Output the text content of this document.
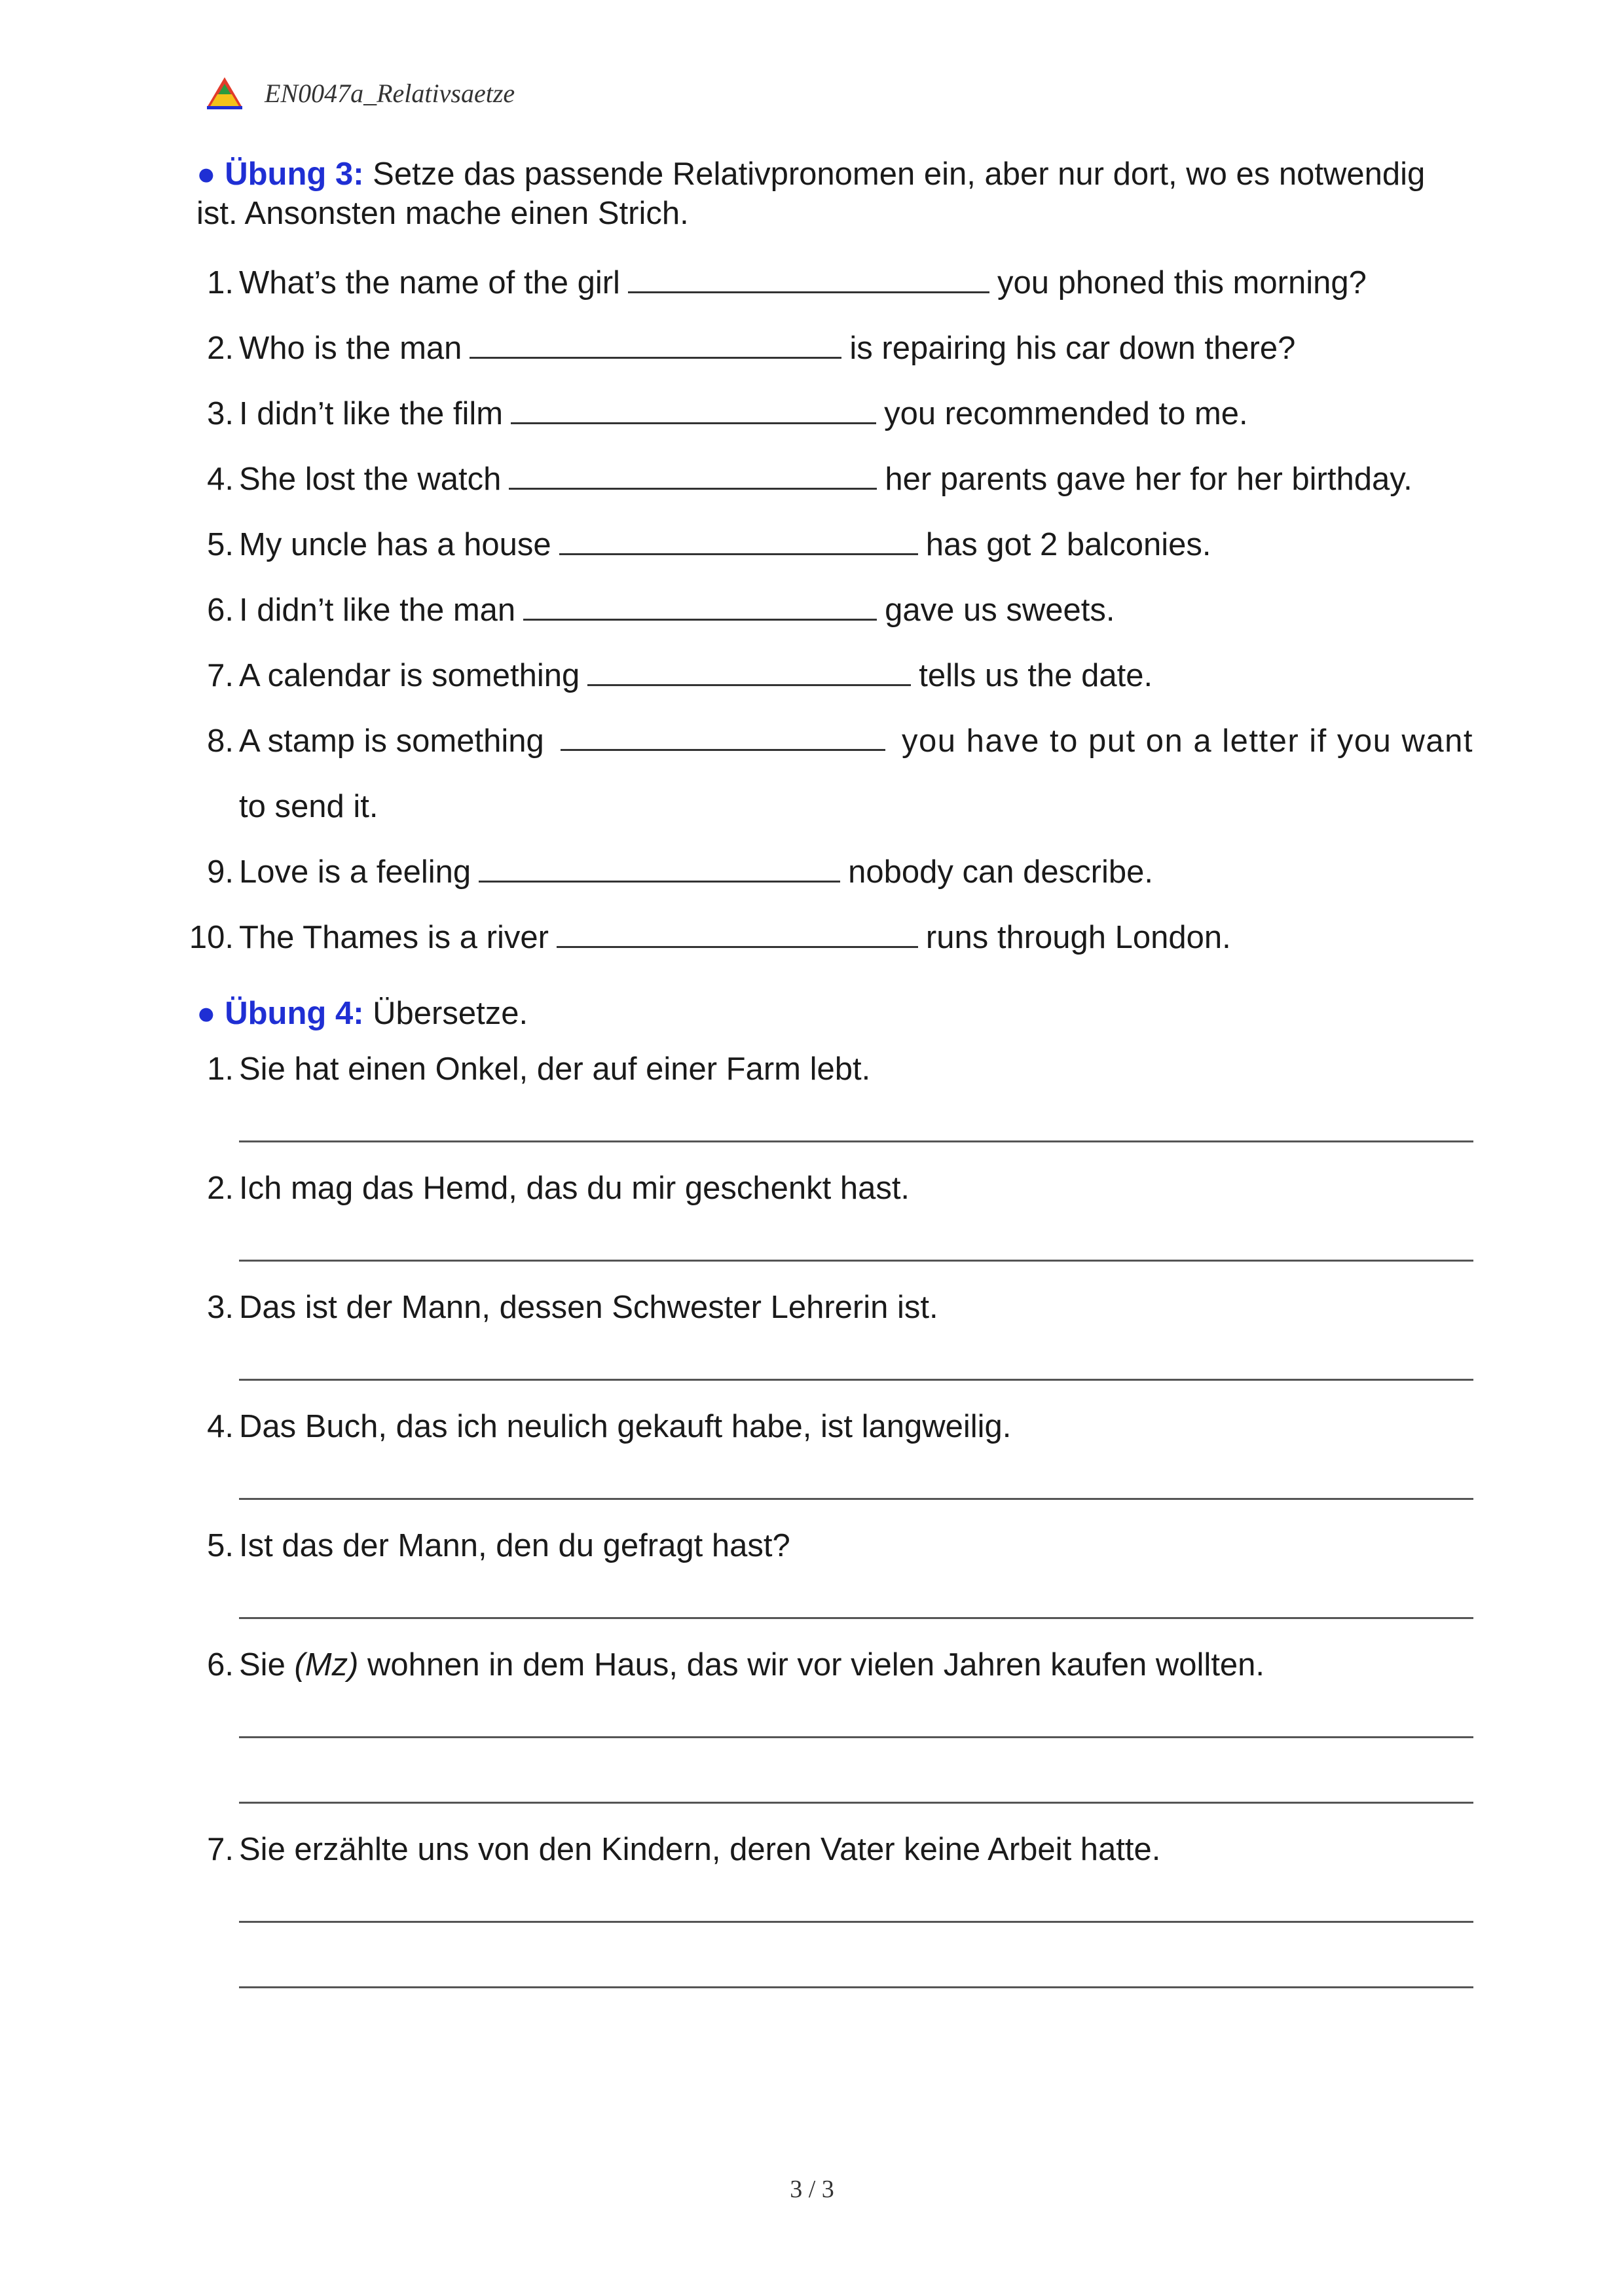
EN0047a_Relativsaetze
● Übung 3: Setze das passende Relativpronomen ein, aber nur dort, wo es notwendig ist. Ansonsten mache einen Strich.
1. What’s the name of the girl	you phoned this morning?
2. Who is the man	is repairing his car down there?
3. I didn’t like the film	you recommended to me.
4. She lost the watch	her parents gave her for her birthday.
5. My uncle has a house	has got 2 balconies.
6. I didn’t like the man	gave us sweets.
7. A calendar is something	tells us the date.
8. A stamp is something	you have to put on a letter if you want
to send it.
9. Love is a feeling	nobody can describe.
10. The Thames is a river	runs through London.
● Übung 4: Übersetze.
1. Sie hat einen Onkel, der auf einer Farm lebt.
2. Ich mag das Hemd, das du mir geschenkt hast.
3. Das ist der Mann, dessen Schwester Lehrerin ist.
4. Das Buch, das ich neulich gekauft habe, ist langweilig.
5. Ist das der Mann, den du gefragt hast?
6. Sie (Mz) wohnen in dem Haus, das wir vor vielen Jahren kaufen wollten.
7. Sie erzählte uns von den Kindern, deren Vater keine Arbeit hatte.
3 / 3
